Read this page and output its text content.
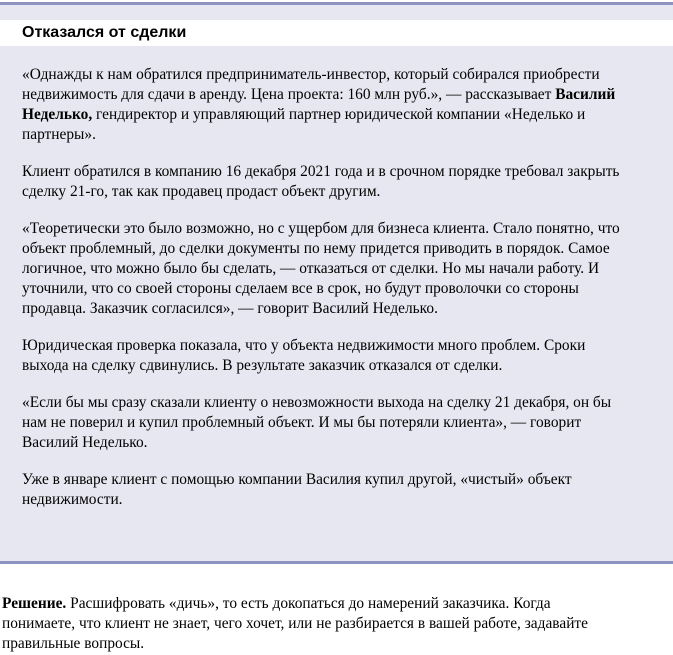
Отказался от сделки

«Однажды к нам обратился предприниматель-инвестор, который собирался приобрести недвижимость для сдачи в аренду. Цена проекта: 160 млн руб.», — рассказывает Василий Неделько, гендиректор и управляющий партнер юридической компании «Неделько и партнеры».

Клиент обратился в компанию 16 декабря 2021 года и в срочном порядке требовал закрыть сделку 21-го, так как продавец продаст объект другим.

«Теоретически это было возможно, но с ущербом для бизнеса клиента. Стало понятно, что объект проблемный, до сделки документы по нему придется приводить в порядок. Самое логичное, что можно было бы сделать, — отказаться от сделки. Но мы начали работу. И уточнили, что со своей стороны сделаем все в срок, но будут проволочки со стороны продавца. Заказчик согласился», — говорит Василий Неделько.

Юридическая проверка показала, что у объекта недвижимости много проблем. Сроки выхода на сделку сдвинулись. В результате заказчик отказался от сделки.

«Если бы мы сразу сказали клиенту о невозможности выхода на сделку 21 декабря, он бы нам не поверил и купил проблемный объект. И мы бы потеряли клиента», — говорит Василий Неделько.

Уже в январе клиент с помощью компании Василия купил другой, «чистый» объект недвижимости.

Решение. Расшифровать «дичь», то есть докопаться до намерений заказчика. Когда понимаете, что клиент не знает, чего хочет, или не разбирается в вашей работе, задавайте правильные вопросы.
